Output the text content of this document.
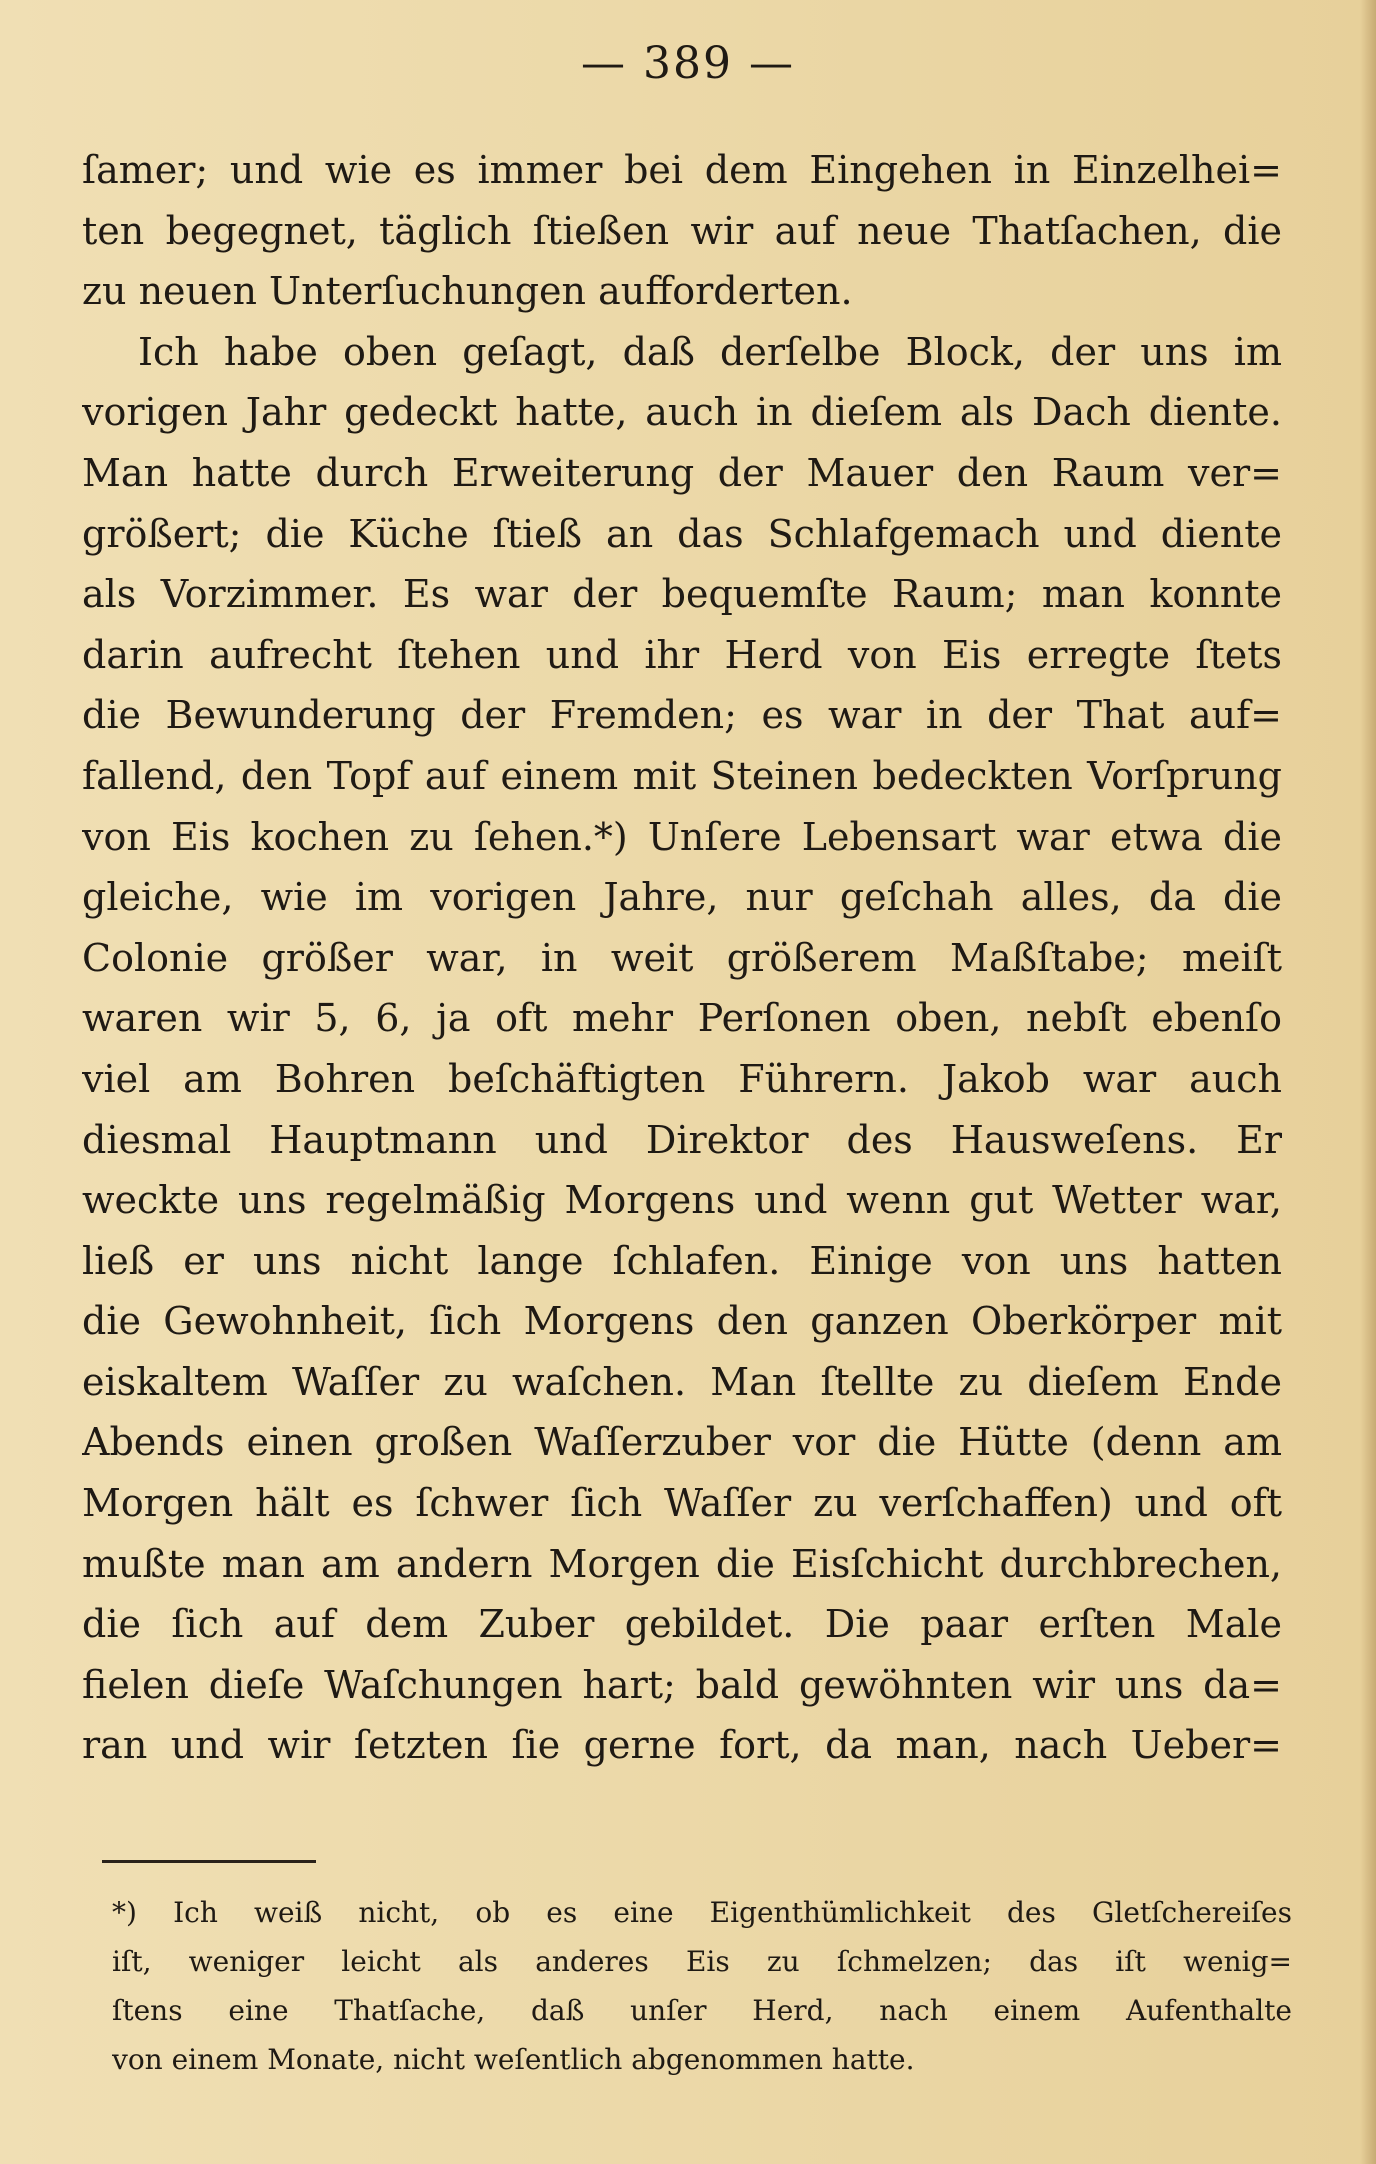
— 389 —
ſamer; und wie es immer bei dem Eingehen in Einzelhei=
ten begegnet, täglich ſtießen wir auf neue Thatſachen, die
zu neuen Unterſuchungen aufforderten.
Ich habe oben geſagt, daß derſelbe Block, der uns im
vorigen Jahr gedeckt hatte, auch in dieſem als Dach diente.
Man hatte durch Erweiterung der Mauer den Raum ver=
größert; die Küche ſtieß an das Schlafgemach und diente
als Vorzimmer. Es war der bequemſte Raum; man konnte
darin aufrecht ſtehen und ihr Herd von Eis erregte ſtets
die Bewunderung der Fremden; es war in der That auf=
fallend, den Topf auf einem mit Steinen bedeckten Vorſprung
von Eis kochen zu ſehen.*) Unſere Lebensart war etwa die
gleiche, wie im vorigen Jahre, nur geſchah alles, da die
Colonie größer war, in weit größerem Maßſtabe; meiſt
waren wir 5, 6, ja oft mehr Perſonen oben, nebſt ebenſo
viel am Bohren beſchäftigten Führern. Jakob war auch
diesmal Hauptmann und Direktor des Hausweſens. Er
weckte uns regelmäßig Morgens und wenn gut Wetter war,
ließ er uns nicht lange ſchlafen. Einige von uns hatten
die Gewohnheit, ſich Morgens den ganzen Oberkörper mit
eiskaltem Waſſer zu waſchen. Man ſtellte zu dieſem Ende
Abends einen großen Waſſerzuber vor die Hütte (denn am
Morgen hält es ſchwer ſich Waſſer zu verſchaffen) und oft
mußte man am andern Morgen die Eisſchicht durchbrechen,
die ſich auf dem Zuber gebildet. Die paar erſten Male
fielen dieſe Waſchungen hart; bald gewöhnten wir uns da=
ran und wir ſetzten ſie gerne fort, da man, nach Ueber=
*) Ich weiß nicht, ob es eine Eigenthümlichkeit des Gletſchereiſes
iſt, weniger leicht als anderes Eis zu ſchmelzen; das iſt wenig=
ſtens eine Thatſache, daß unſer Herd, nach einem Aufenthalte
von einem Monate, nicht weſentlich abgenommen hatte.
